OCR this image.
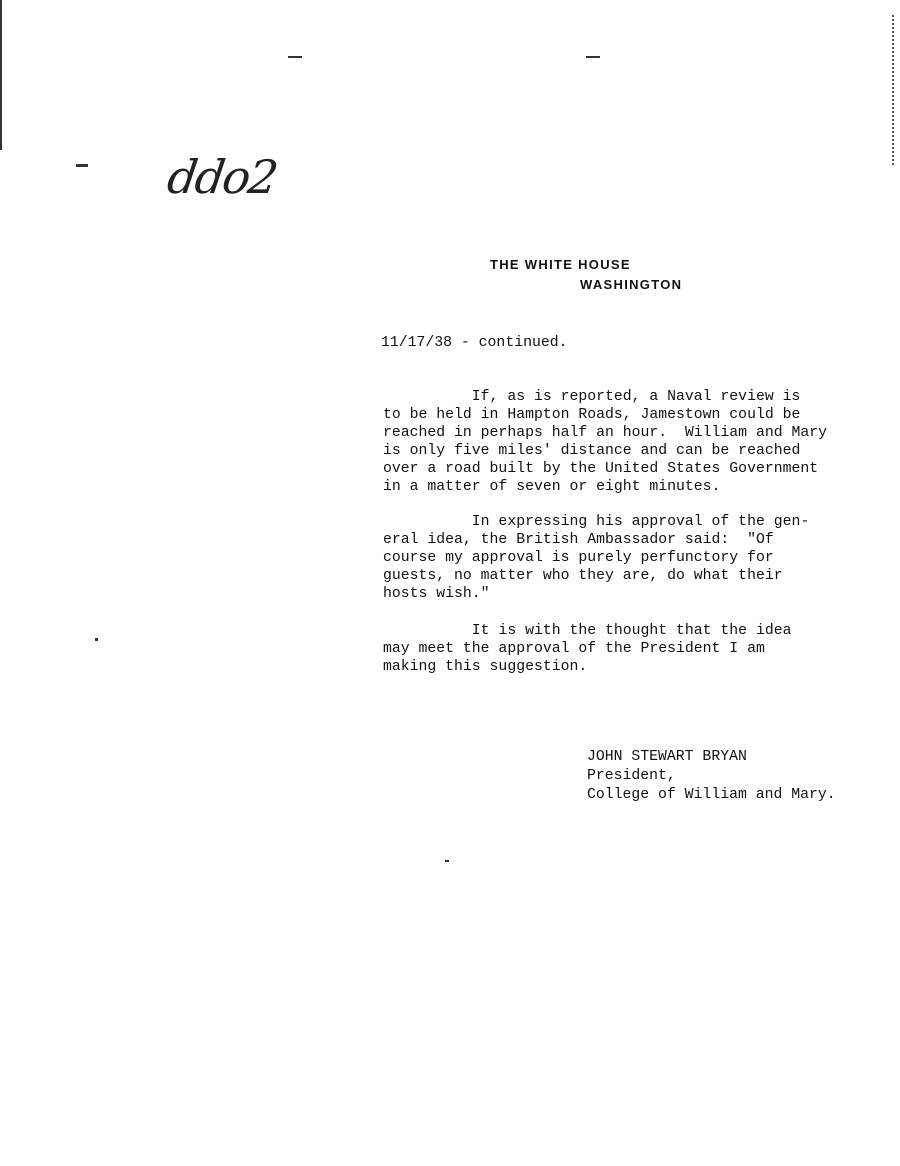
ddo2
THE WHITE HOUSE
WASHINGTON
11/17/38 - continued.
If, as is reported, a Naval review is
to be held in Hampton Roads, Jamestown could be
reached in perhaps half an hour.  William and Mary
is only five miles' distance and can be reached
over a road built by the United States Government
in a matter of seven or eight minutes.
In expressing his approval of the gen-
eral idea, the British Ambassador said:  "Of
course my approval is purely perfunctory for
guests, no matter who they are, do what their
hosts wish."
It is with the thought that the idea
may meet the approval of the President I am
making this suggestion.
JOHN STEWART BRYAN
President,
College of William and Mary.
